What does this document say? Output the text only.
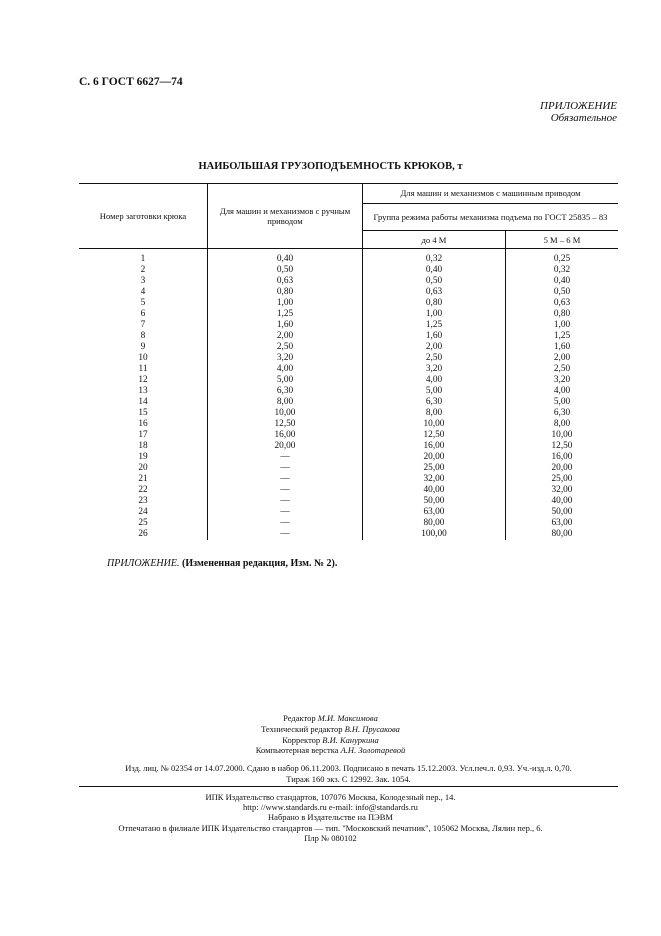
С. 6 ГОСТ 6627—74
ПРИЛОЖЕНИЕ
Обязательное
НАИБОЛЬШАЯ ГРУЗОПОДЪЕМНОСТЬ КРЮКОВ, т
Номер заготовки крюка	Для машин и механизмов с ручным приводом	Для машин и механизмов с машинным приводом	
		Группа режима работы механизма подъема по ГОСТ 25835 – 83	
		до 4 М	5 М – 6 М

1	0,40	0,32	0,25
2	0,50	0,40	0,32
3	0,63	0,50	0,40
4	0,80	0,63	0,50
5	1,00	0,80	0,63
6	1,25	1,00	0,80
7	1,60	1,25	1,00
8	2,00	1,60	1,25
9	2,50	2,00	1,60
10	3,20	2,50	2,00
11	4,00	3,20	2,50
12	5,00	4,00	3,20
13	6,30	5,00	4,00
14	8,00	6,30	5,00
15	10,00	8,00	6,30
16	12,50	10,00	8,00
17	16,00	12,50	10,00
18	20,00	16,00	12,50
19	—	20,00	16,00
20	—	25,00	20,00
21	—	32,00	25,00
22	—	40,00	32,00
23	—	50,00	40,00
24	—	63,00	50,00
25	—	80,00	63,00
26	—	100,00	80,00
ПРИЛОЖЕНИЕ. (Измененная редакция, Изм. № 2).
Редактор М.И. Максимова
Технический редактор В.Н. Прусакова
Корректор В.И. Кануркина
Компьютерная верстка А.Н. Золотаревой
Изд. лиц. № 02354 от 14.07.2000. Сдано в набор 06.11.2003. Подписано в печать 15.12.2003. Усл.печ.л. 0,93. Уч.-изд.л. 0,70.
Тираж 160 экз. С 12992. Зак. 1054.
ИПК Издательство стандартов, 107076 Москва, Колодезный пер., 14.
http: //www.standards.ru e-mail: info@standards.ru
Набрано в Издательстве на ПЭВМ
Отпечатано в филиале ИПК Издательство стандартов — тип. "Московский печатник", 105062 Москва, Лялин пер., 6.
Плр № 080102
